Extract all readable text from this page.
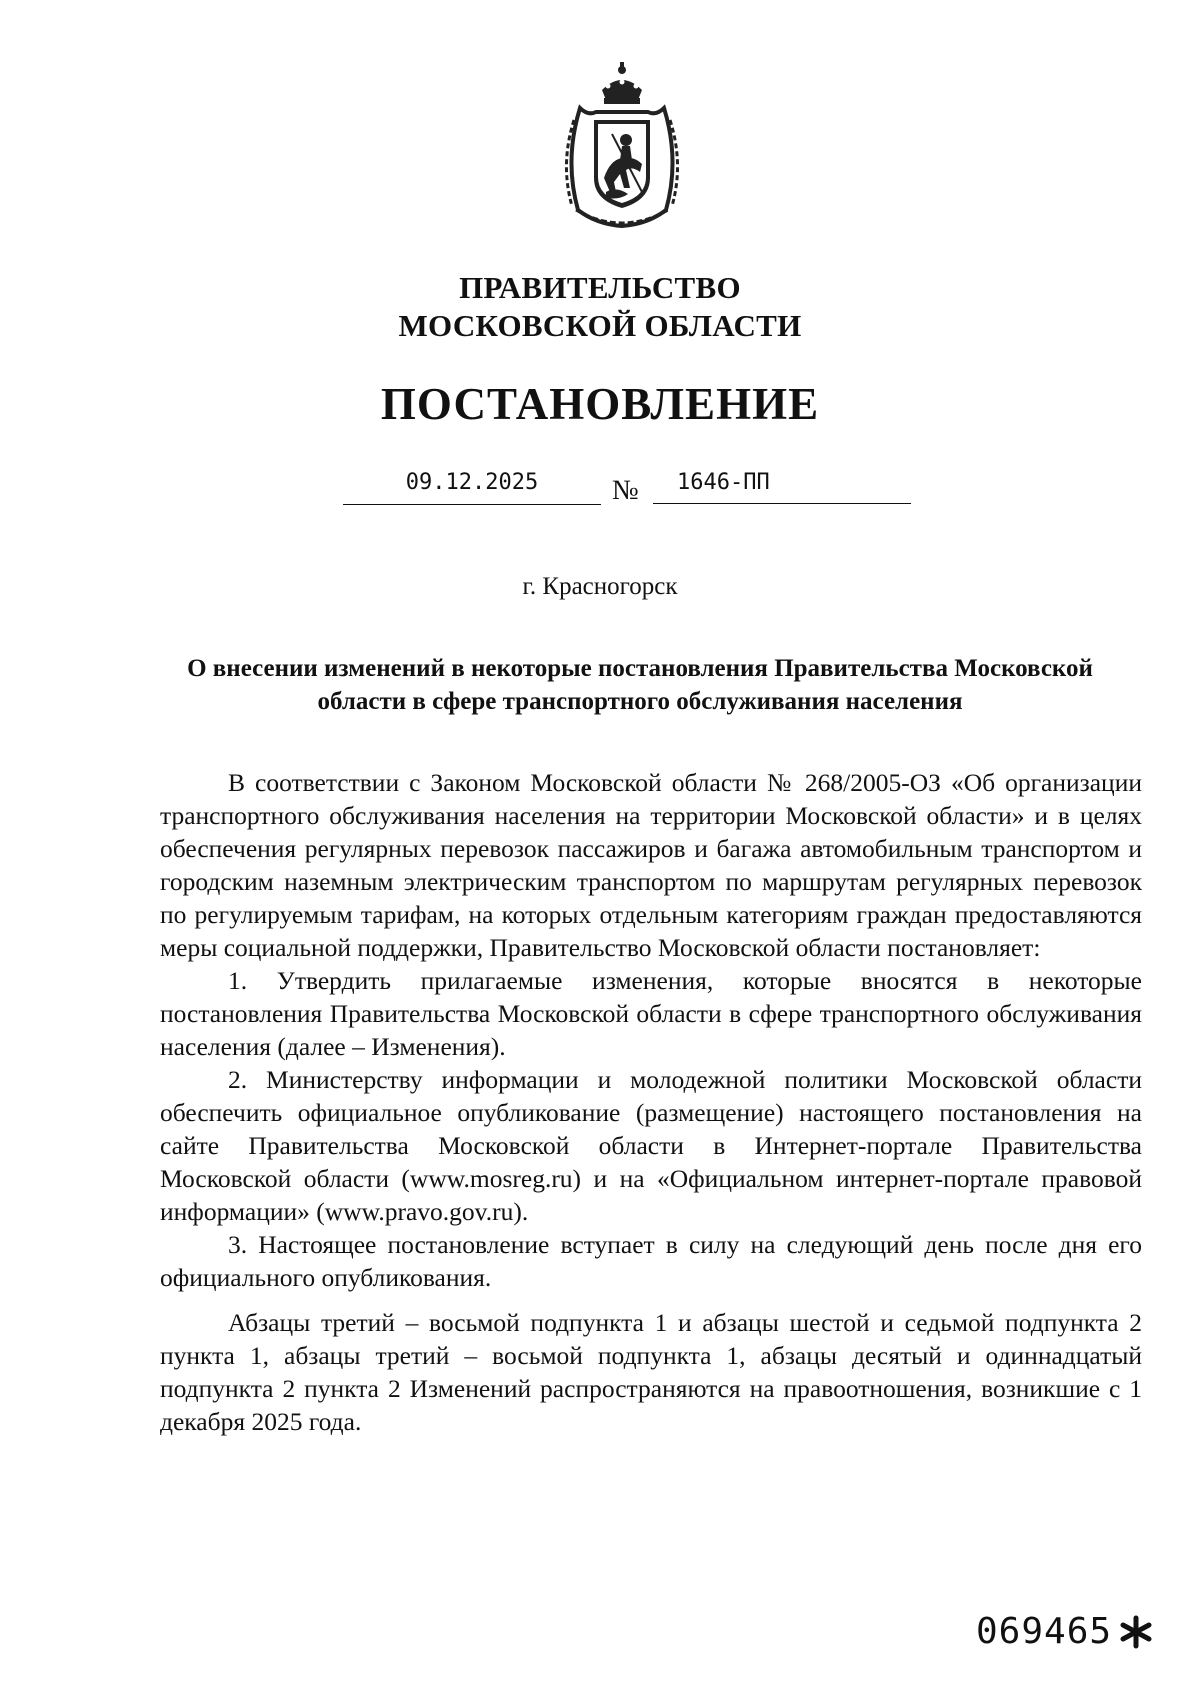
ПРАВИТЕЛЬСТВО
МОСКОВСКОЙ ОБЛАСТИ
ПОСТАНОВЛЕНИЕ
09.12.2025	№	1646-ПП
г. Красногорск
О внесении изменений в некоторые постановления Правительства Московской области в сфере транспортного обслуживания населения

В соответствии с Законом Московской области № 268/2005-ОЗ «Об организации транспортного обслуживания населения на территории Московской области» и в целях обеспечения регулярных перевозок пассажиров и багажа автомобильным транспортом и городским наземным электрическим транспортом по маршрутам регулярных перевозок по регулируемым тарифам, на которых отдельным категориям граждан предоставляются меры социальной поддержки, Правительство Московской области постановляет:

1. Утвердить прилагаемые изменения, которые вносятся в некоторые постановления Правительства Московской области в сфере транспортного обслуживания населения (далее – Изменения).

2. Министерству информации и молодежной политики Московской области обеспечить официальное опубликование (размещение) настоящего постановления на сайте Правительства Московской области в Интернет-портале Правительства Московской области (www.mosreg.ru) и на «Официальном интернет-портале правовой информации» (www.pravo.gov.ru).

3. Настоящее постановление вступает в силу на следующий день после дня его официального опубликования.

Абзацы третий – восьмой подпункта 1 и абзацы шестой и седьмой подпункта 2 пункта 1, абзацы третий – восьмой подпункта 1, абзацы десятый и одиннадцатый подпункта 2 пункта 2 Изменений распространяются на правоотношения, возникшие с 1 декабря 2025 года.

069465
